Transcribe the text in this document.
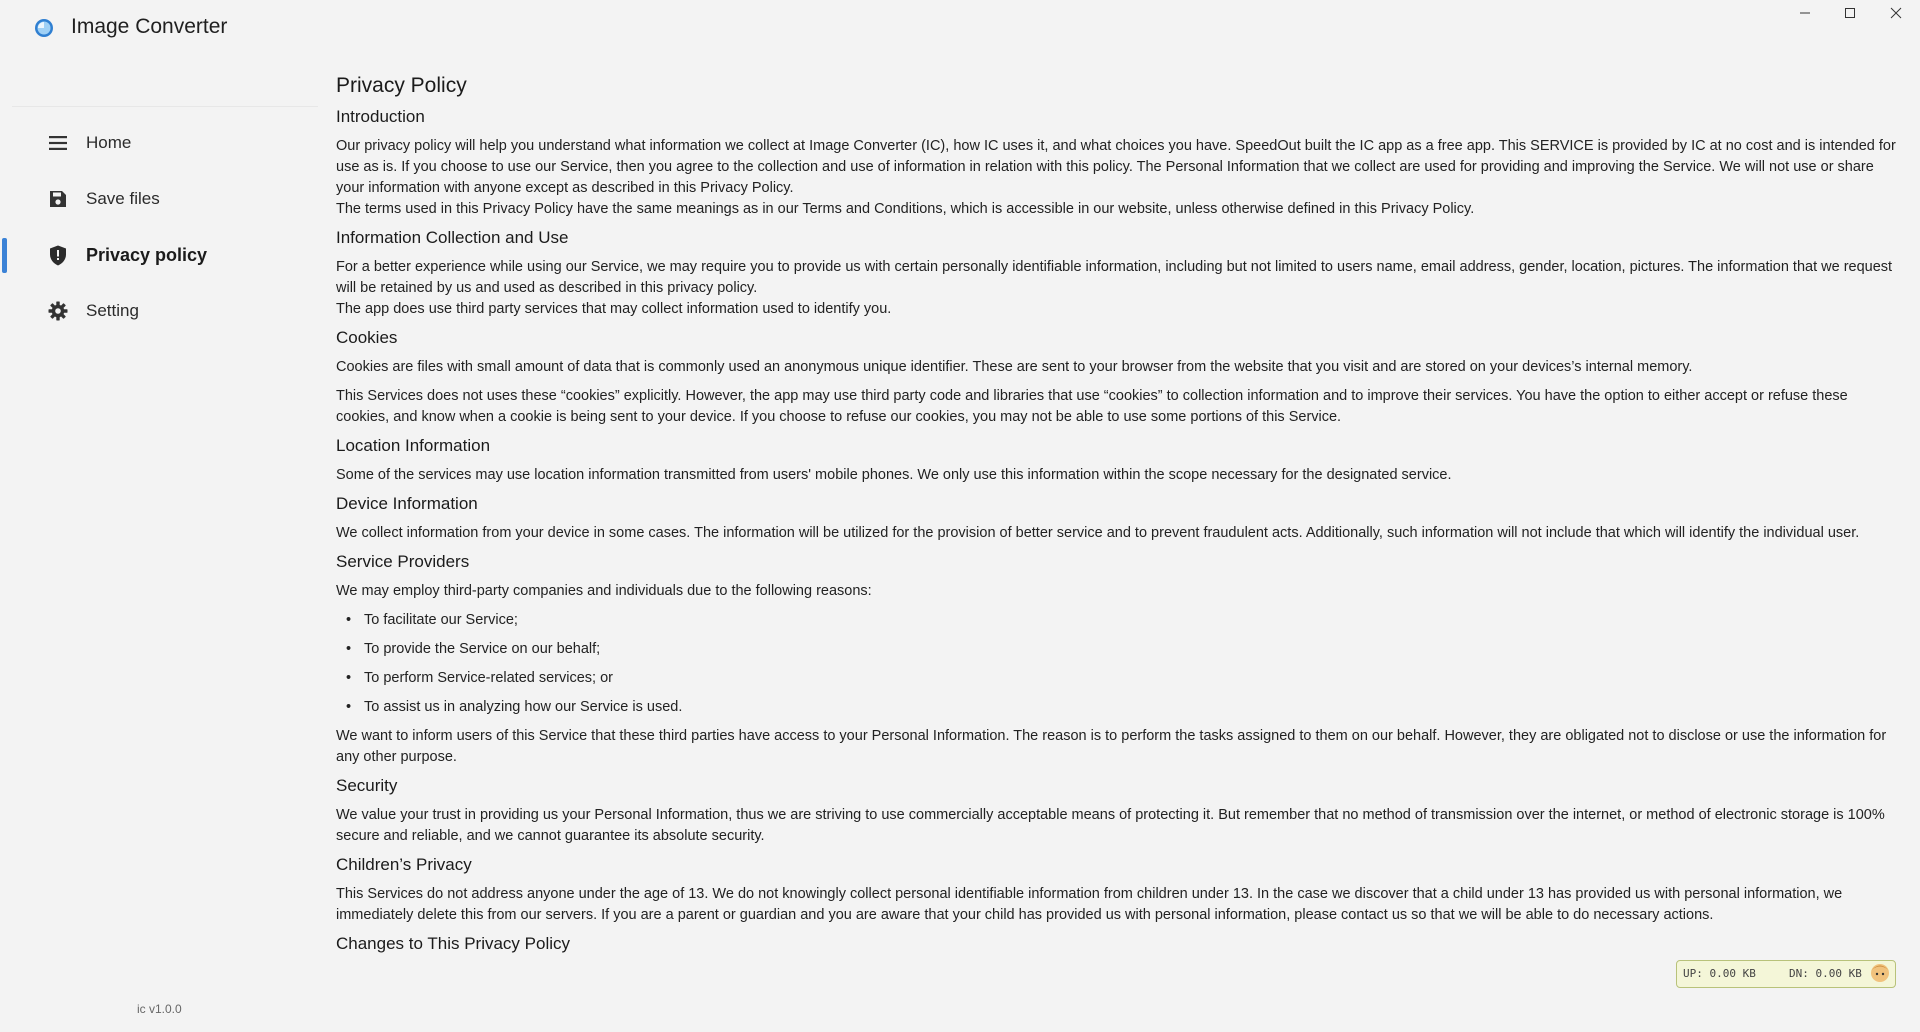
Image Converter
Home
Save files
Privacy policy
Setting
ic v1.0.0
Privacy Policy
Introduction

Our privacy policy will help you understand what information we collect at Image Converter (IC), how IC uses it, and what choices you have. SpeedOut built the IC app as a free app. This SERVICE is provided by IC at no cost and is intended for use as is. If you choose to use our Service, then you agree to the collection and use of information in relation with this policy. The Personal Information that we collect are used for providing and improving the Service. We will not use or share your information with anyone except as described in this Privacy Policy.
The terms used in this Privacy Policy have the same meanings as in our Terms and Conditions, which is accessible in our website, unless otherwise defined in this Privacy Policy.

Information Collection and Use

For a better experience while using our Service, we may require you to provide us with certain personally identifiable information, including but not limited to users name, email address, gender, location, pictures. The information that we request will be retained by us and used as described in this privacy policy.
The app does use third party services that may collect information used to identify you.

Cookies

Cookies are files with small amount of data that is commonly used an anonymous unique identifier. These are sent to your browser from the website that you visit and are stored on your devices’s internal memory.

This Services does not uses these “cookies” explicitly. However, the app may use third party code and libraries that use “cookies” to collection information and to improve their services. You have the option to either accept or refuse these cookies, and know when a cookie is being sent to your device. If you choose to refuse our cookies, you may not be able to use some portions of this Service.

Location Information

Some of the services may use location information transmitted from users' mobile phones. We only use this information within the scope necessary for the designated service.

Device Information

We collect information from your device in some cases. The information will be utilized for the provision of better service and to prevent fraudulent acts. Additionally, such information will not include that which will identify the individual user.

Service Providers

We may employ third-party companies and individuals due to the following reasons:

• To facilitate our Service;
• To provide the Service on our behalf;
• To perform Service-related services; or
• To assist us in analyzing how our Service is used.

We want to inform users of this Service that these third parties have access to your Personal Information. The reason is to perform the tasks assigned to them on our behalf. However, they are obligated not to disclose or use the information for any other purpose.

Security

We value your trust in providing us your Personal Information, thus we are striving to use commercially acceptable means of protecting it. But remember that no method of transmission over the internet, or method of electronic storage is 100% secure and reliable, and we cannot guarantee its absolute security.

Children’s Privacy

This Services do not address anyone under the age of 13. We do not knowingly collect personal identifiable information from children under 13. In the case we discover that a child under 13 has provided us with personal information, we immediately delete this from our servers. If you are a parent or guardian and you are aware that your child has provided us with personal information, please contact us so that we will be able to do necessary actions.

Changes to This Privacy Policy
UP: 0.00 KB	DN: 0.00 KB
